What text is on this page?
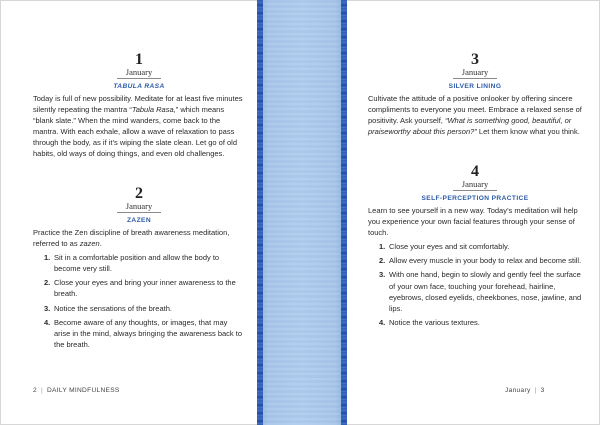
1
January
TABULA RASA

Today is full of new possibility. Meditate for at least five minutes silently repeating the mantra “Tabula Rasa,” which means “blank slate.” When the mind wanders, come back to the mantra. With each exhale, allow a wave of relaxation to pass through the body, as if it’s wiping the slate clean. Let go of old habits, old ways of doing things, and even old challenges.

2
January
ZAZEN

Practice the Zen discipline of breath awareness meditation, referred to as zazen.

1. Sit in a comfortable position and allow the body to become very still.
2. Close your eyes and bring your inner awareness to the breath.
3. Notice the sensations of the breath.
4. Become aware of any thoughts, or images, that may arise in the mind, always bringing the awareness back to the breath.
2 | DAILY MINDFULNESS
3
January
SILVER LINING

Cultivate the attitude of a positive onlooker by offering sincere compliments to everyone you meet. Embrace a relaxed sense of positivity. Ask yourself, “What is something good, beautiful, or praiseworthy about this person?” Let them know what you think.

4
January
SELF-PERCEPTION PRACTICE

Learn to see yourself in a new way. Today’s meditation will help you experience your own facial features through your sense of touch.

1. Close your eyes and sit comfortably.
2. Allow every muscle in your body to relax and become still.
3. With one hand, begin to slowly and gently feel the surface of your own face, touching your forehead, hairline, eyebrows, closed eyelids, cheekbones, nose, jawline, and lips.
4. Notice the various textures.
January | 3
